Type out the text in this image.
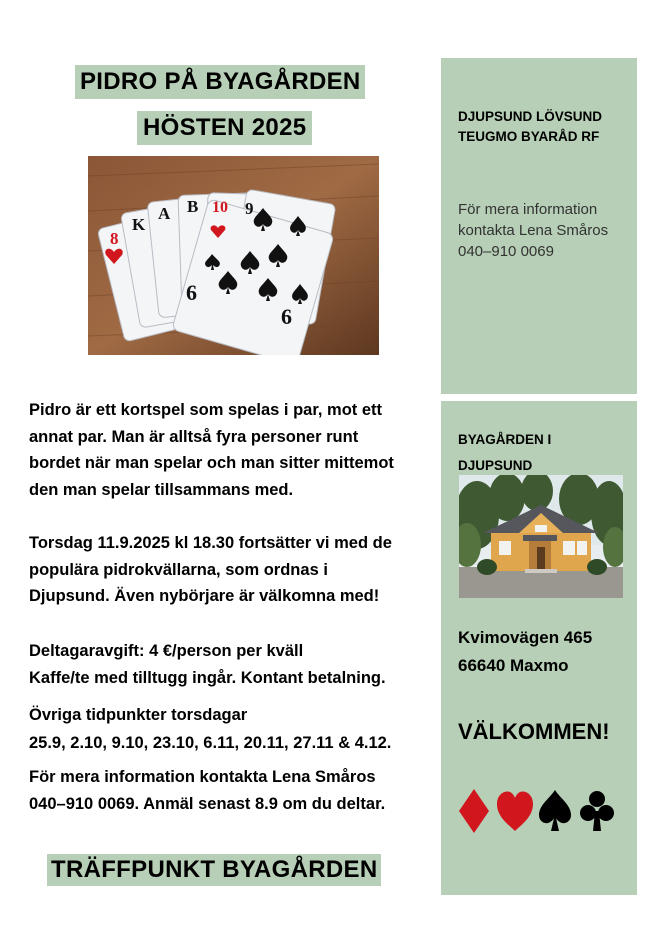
PIDRO PÅ BYAGÅRDEN
HÖSTEN 2025
8
K
A B 10 9
6
6
Pidro är ett kortspel som spelas i par, mot ett
annat par. Man är alltså fyra personer runt
bordet när man spelar och man sitter mittemot
den man spelar tillsammans med.
Torsdag 11.9.2025 kl 18.30 fortsätter vi med de
populära pidrokvällarna, som ordnas i
Djupsund. Även nybörjare är välkomna med!
Deltagaravgift: 4 €/person per kväll
Kaffe/te med tilltugg ingår. Kontant betalning.
Övriga tidpunkter torsdagar
25.9, 2.10, 9.10, 23.10, 6.11, 20.11, 27.11 & 4.12.
För mera information kontakta Lena Småros
040–910 0069. Anmäl senast 8.9 om du deltar.
TRÄFFPUNKT BYAGÅRDEN
DJUPSUND LÖVSUND
TEUGMO BYARÅD RF
För mera information
kontakta Lena Småros
040–910 0069
BYAGÅRDEN I
DJUPSUND
Kvimovägen 465
66640 Maxmo
VÄLKOMMEN!
